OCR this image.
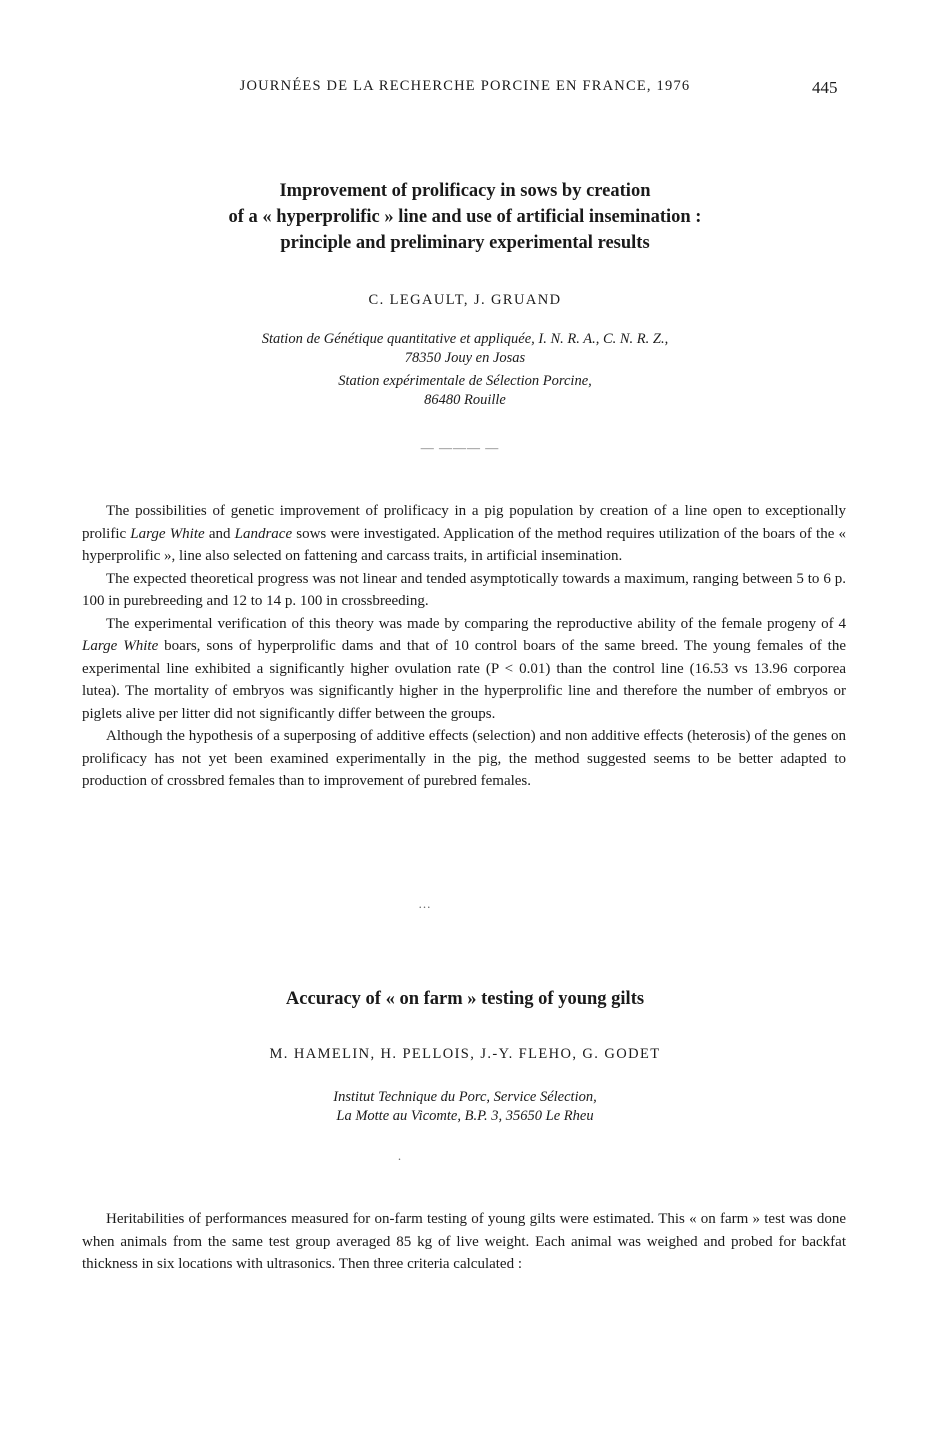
JOURNÉES DE LA RECHERCHE PORCINE EN FRANCE, 1976	445
Improvement of prolificacy in sows by creation
of a « hyperprolific » line and use of artificial insemination :
principle and preliminary experimental results
C. LEGAULT, J. GRUAND
Station de Génétique quantitative et appliquée, I. N. R. A., C. N. R. Z.,
78350 Jouy en Josas
Station expérimentale de Sélection Porcine,
86480 Rouille
— ——— —

The possibilities of genetic improvement of prolificacy in a pig population by creation of a line open to exceptionally prolific Large White and Landrace sows were investigated. Application of the method requires utilization of the boars of the « hyperprolific », line also selected on fattening and carcass traits, in artificial insemination.

The expected theoretical progress was not linear and tended asymptotically towards a maximum, ranging between 5 to 6 p. 100 in purebreeding and 12 to 14 p. 100 in crossbreeding.

The experimental verification of this theory was made by comparing the reproductive ability of the female progeny of 4 Large White boars, sons of hyperprolific dams and that of 10 control boars of the same breed. The young females of the experimental line exhibited a significantly higher ovulation rate (P < 0.01) than the control line (16.53 vs 13.96 corporea lutea). The mortality of embryos was significantly higher in the hyperprolific line and therefore the number of embryos or piglets alive per litter did not significantly differ between the groups.

Although the hypothesis of a superposing of additive effects (selection) and non additive effects (heterosis) of the genes on prolificacy has not yet been examined experimentally in the pig, the method suggested seems to be better adapted to production of crossbred females than to improvement of purebred females.

...
Accuracy of « on farm » testing of young gilts
M. HAMELIN, H. PELLOIS, J.-Y. FLEHO, G. GODET
Institut Technique du Porc, Service Sélection,
La Motte au Vicomte, B.P. 3, 35650 Le Rheu
.

Heritabilities of performances measured for on-farm testing of young gilts were estimated. This « on farm » test was done when animals from the same test group averaged 85 kg of live weight. Each animal was weighed and probed for backfat thickness in six locations with ultrasonics. Then three criteria calculated :
